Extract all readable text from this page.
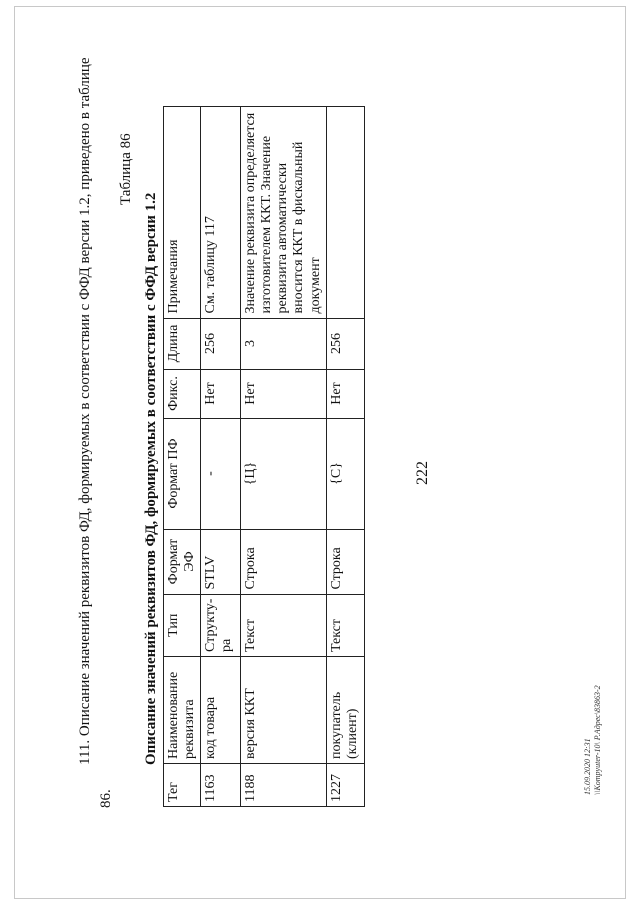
222
86.
111. Описание значений реквизитов ФД, формируемых в соответствии с ФФД версии 1.2, приведено в таблице Таблица 86
Описание значений реквизитов ФД, формируемых в соответствии с ФФД версии 1.2
Тег	Наименование реквизита	Тип	Формат ЭФ	Формат ПФ	Фикс.	Длина	Примечания
1163	код товара	Структу-ра	STLV	-	Нет	256	См. таблицу 117
1188	версия ККТ	Текст	Строка	{Ц}	Нет	3	Значение реквизита определяется изготовителем ККТ. Значение реквизита автоматически вносится ККТ в фискальный документ
1227	покупатель (клиент)	Текст	Строка	{С}	Нет	256	
15.09.2020 12:31 \\Kompyuter-10\ Р.Адрес\83863-2
